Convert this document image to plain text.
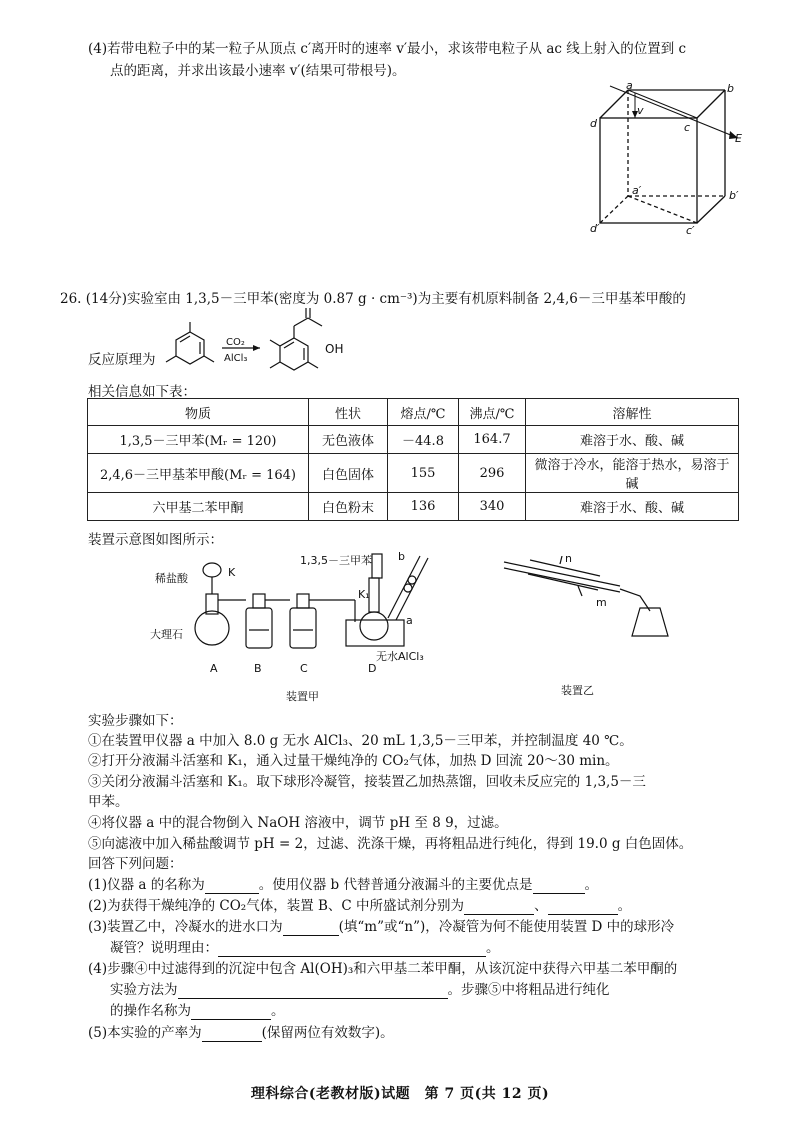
(4)若带电粒子中的某一粒子从顶点 c′离开时的速率 v′最小，求该带电粒子从 ac 线上射入的位置到 c
点的距离，并求出该最小速率 v′(结果可带根号)。
a	b
c
d
v
E
a′	b′
c′
d′
26. (14分)实验室由 1,3,5－三甲苯(密度为 0.87 g · cm⁻³)为主要有机原料制备 2,4,6－三甲基苯甲酸的
反应原理为
CO₂
AlCl₃
OH
相关信息如下表：
物质	性状	熔点/℃	沸点/℃	溶解性
1,3,5－三甲苯(Mᵣ = 120)	无色液体	－44.8	164.7	难溶于水、酸、碱
2,4,6－三甲基苯甲酸(Mᵣ = 164)	白色固体	155	296	微溶于冷水，能溶于热水，易溶于碱
六甲基二苯甲酮	白色粉末	136	340	难溶于水、酸、碱
装置示意图如图所示：
稀盐酸	K
大理石
1,3,5－三甲苯 b
K₁
a
无水AlCl₃
A	B	C	D
装置甲
n
m
装置乙
实验步骤如下：
①在装置甲仪器 a 中加入 8.0 g 无水 AlCl₃、20 mL 1,3,5－三甲苯，并控制温度 40 ℃。
②打开分液漏斗活塞和 K₁，通入过量干燥纯净的 CO₂气体，加热 D 回流 20～30 min。
③关闭分液漏斗活塞和 K₁。取下球形冷凝管，接装置乙加热蒸馏，回收未反应完的 1,3,5－三
甲苯。
④将仪器 a 中的混合物倒入 NaOH 溶液中，调节 pH 至 8 9，过滤。
⑤向滤液中加入稀盐酸调节 pH = 2，过滤、洗涤干燥，再将粗品进行纯化，得到 19.0 g 白色固体。
回答下列问题：
(1)仪器 a 的名称为	。使用仪器 b 代替普通分液漏斗的主要优点是	。
(2)为获得干燥纯净的 CO₂气体，装置 B、C 中所盛试剂分别为	、	。
(3)装置乙中，冷凝水的进水口为	(填“m”或“n”)，冷凝管为何不能使用装置 D 中的球形冷
凝管？说明理由：	。
(4)步骤④中过滤得到的沉淀中包含 Al(OH)₃和六甲基二苯甲酮，从该沉淀中获得六甲基二苯甲酮的
实验方法为	。步骤⑤中将粗品进行纯化
的操作名称为	。
(5)本实验的产率为	(保留两位有效数字)。
理科综合(老教材版)试题　第 7 页(共 12 页)
